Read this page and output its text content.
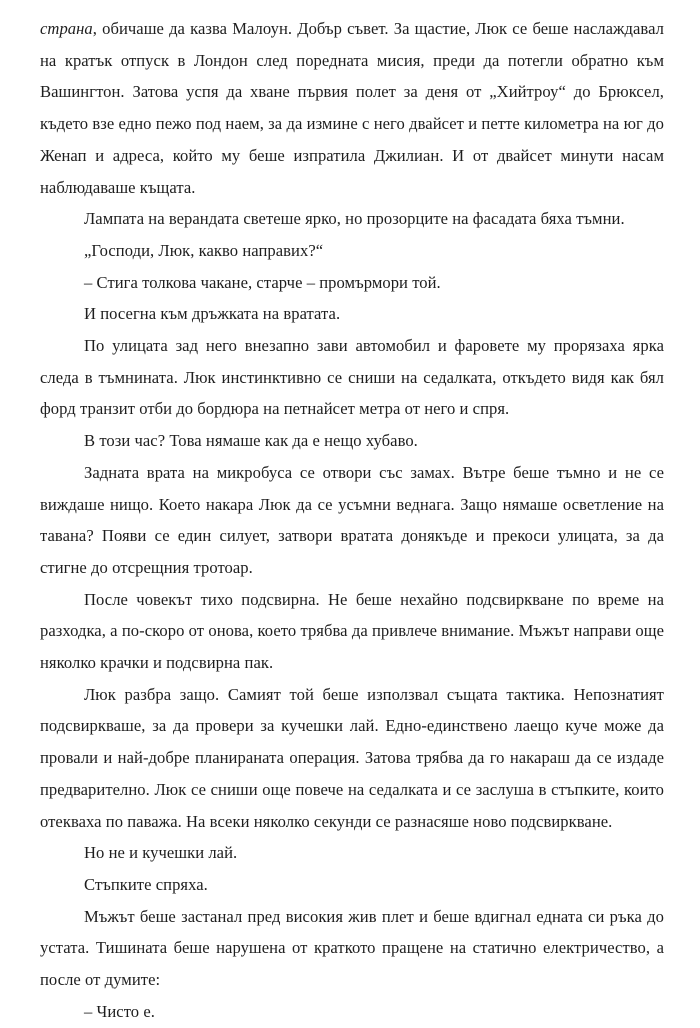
страна, обичаше да казва Малоун. Добър съвет. За щастие, Люк се беше наслаждавал на кратък отпуск в Лондон след поредната мисия, преди да потегли обратно към Вашингтон. Затова успя да хване първия полет за деня от „Хийтроу“ до Брюксел, където взе едно пежо под наем, за да измине с него двайсет и петте километра на юг до Женап и адреса, който му беше изпратила Джилиан. И от двайсет минути насам наблюдаваше къщата.

Лампата на верандата светеше ярко, но прозорците на фасадата бяха тъмни.

„Господи, Люк, какво направих?“

– Стига толкова чакане, старче – промърмори той.

И посегна към дръжката на вратата.

По улицата зад него внезапно зави автомобил и фаровете му прорязаха ярка следа в тъмнината. Люк инстинктивно се сниши на седалката, откъдето видя как бял форд транзит отби до бордюра на петнайсет метра от него и спря.

В този час? Това нямаше как да е нещо хубаво.

Задната врата на микробуса се отвори със замах. Вътре беше тъмно и не се виждаше нищо. Което накара Люк да се усъмни веднага. Защо нямаше осветление на тавана? Появи се един силует, затвори вратата донякъде и прекоси улицата, за да стигне до отсрещния тротоар.

После човекът тихо подсвирна. Не беше нехайно подсвиркване по време на разходка, а по-скоро от онова, което трябва да привлече внимание. Мъжът направи още няколко крачки и подсвирна пак.

Люк разбра защо. Самият той беше използвал същата тактика. Непознатият подсвиркваше, за да провери за кучешки лай. Едно-единствено лаещо куче може да провали и най-добре планираната операция. Затова трябва да го накараш да се издаде предварително. Люк се сниши още повече на седалката и се заслуша в стъпките, които отекваха по паважа. На всеки няколко секунди се разнасяше ново подсвиркване.

Но не и кучешки лай.

Стъпките спряха.

Мъжът беше застанал пред високия жив плет и беше вдигнал едната си ръка до устата. Тишината беше нарушена от краткото пращене на статично електричество, а после от думите:

– Чисто е.
